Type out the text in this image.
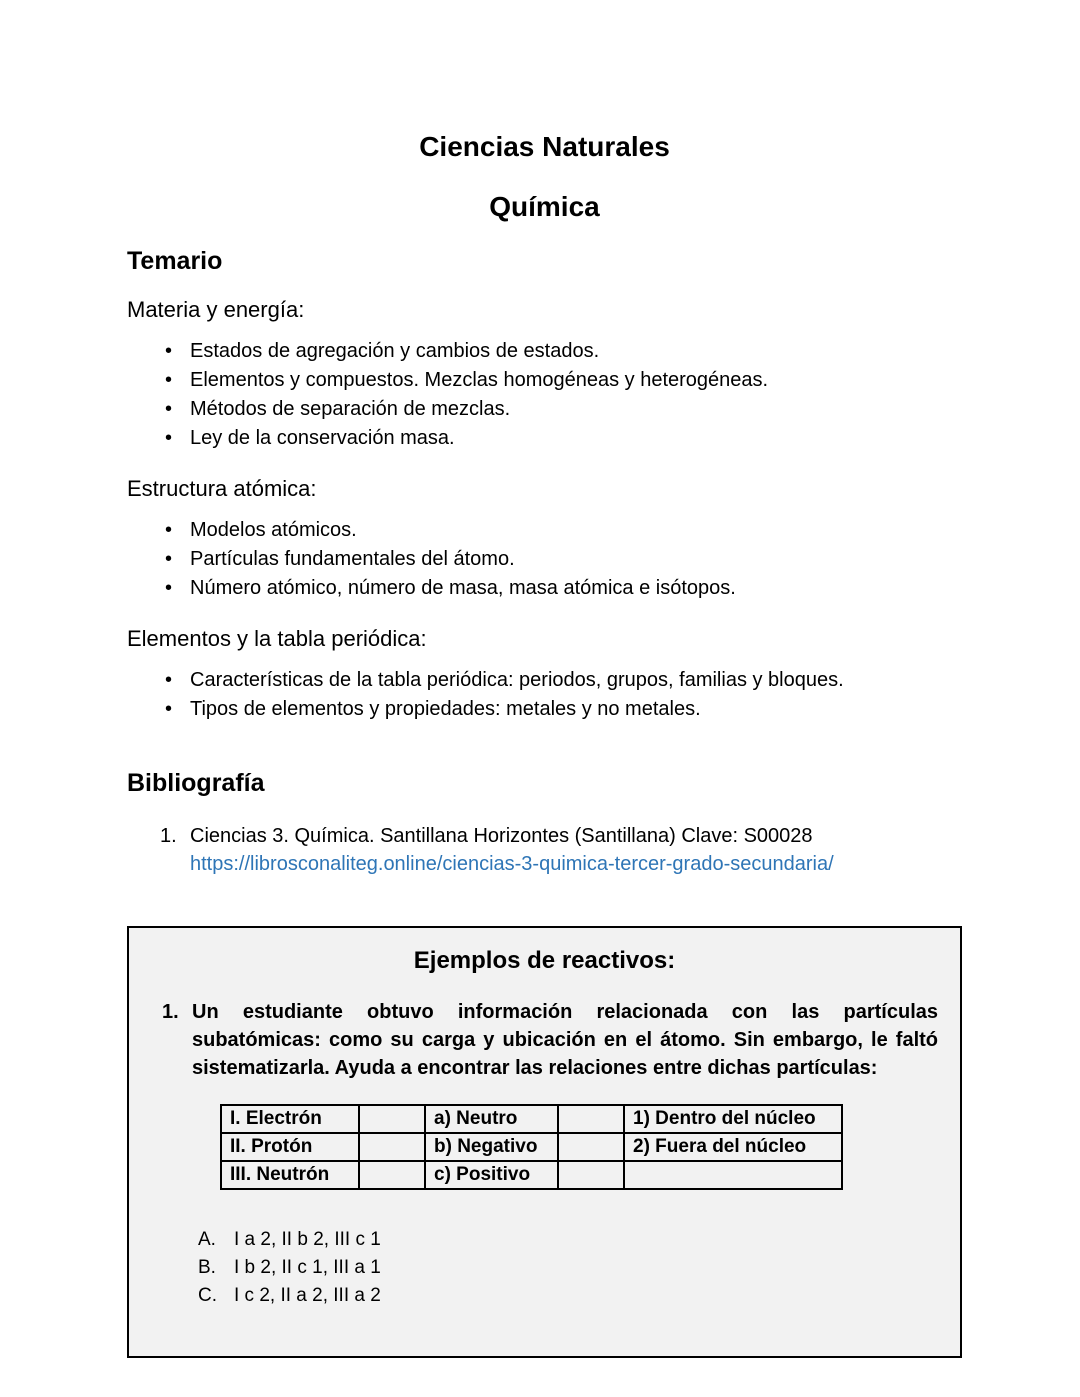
Ciencias Naturales
Química
Temario

Materia y energía:

• Estados de agregación y cambios de estados.
• Elementos y compuestos. Mezclas homogéneas y heterogéneas.
• Métodos de separación de mezclas.
• Ley de la conservación masa.

Estructura atómica:

• Modelos atómicos.
• Partículas fundamentales del átomo.
• Número atómico, número de masa, masa atómica e isótopos.

Elementos y la tabla periódica:

• Características de la tabla periódica: periodos, grupos, familias y bloques.
• Tipos de elementos y propiedades: metales y no metales.
Bibliografía
1. Ciencias 3. Química. Santillana Horizontes (Santillana) Clave: S00028
https://librosconaliteg.online/ciencias-3-quimica-tercer-grado-secundaria/
Ejemplos de reactivos:
1. Un estudiante obtuvo información relacionada con las partículas subatómicas: como su carga y ubicación en el átomo. Sin embargo, le faltó sistematizarla. Ayuda a encontrar las relaciones entre dichas partículas:

I. Electrón		a) Neutro		1) Dentro del núcleo
II. Protón		b) Negativo		2) Fuera del núcleo
III. Neutrón		c) Positivo		
A. I a 2, II b 2, III c 1
B. I b 2, II c 1, III a 1
C. I c 2, II a 2, III a 2
